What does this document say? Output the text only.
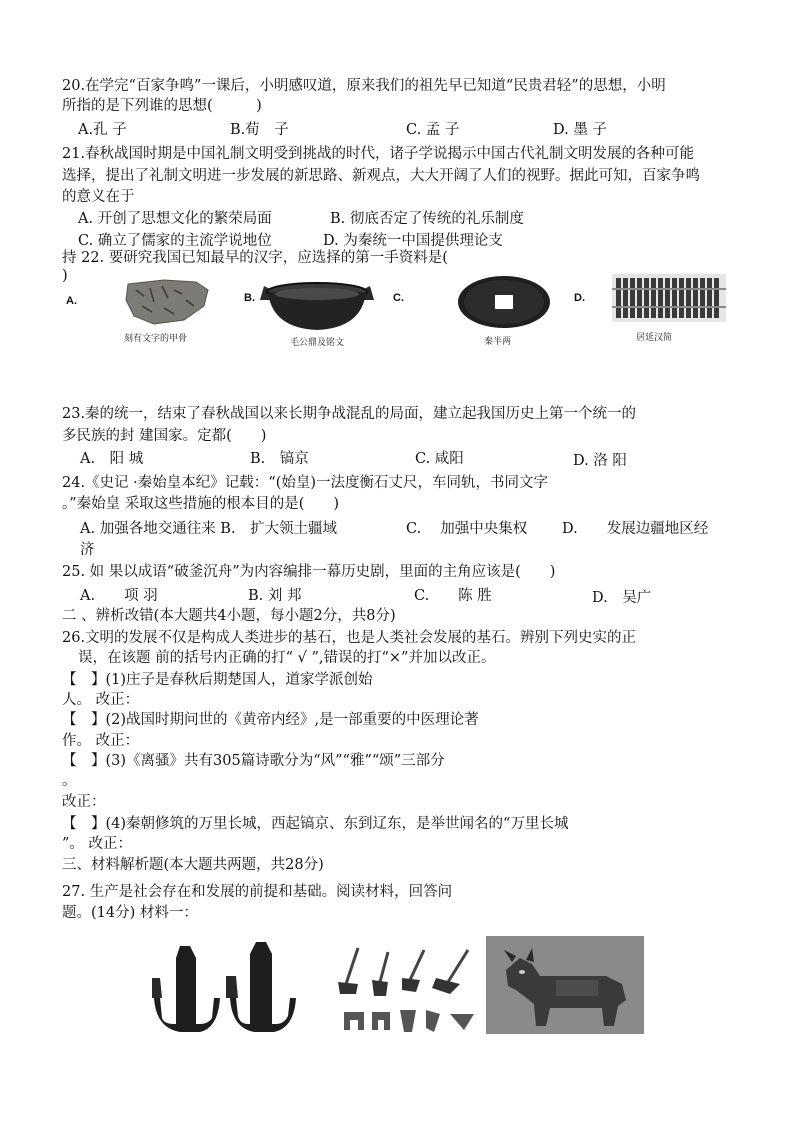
20.在学完“百家争鸣”一课后，小明感叹道，原来我们的祖先早已知道“民贵君轻”的思想，小明
所指的是下列谁的思想(　　　)
A.孔 子	B.荀　子	C. 孟 子	D. 墨 子
21.春秋战国时期是中国礼制文明受到挑战的时代，诸子学说揭示中国古代礼制文明发展的各种可能
选择，提出了礼制文明进一步发展的新思路、新观点，大大开阔了人们的视野。据此可知，百家争鸣
的意义在于
A. 开创了思想文化的繁荣局面	B. 彻底否定了传统的礼乐制度
C. 确立了儒家的主流学说地位	D. 为秦统一中国提供理论支
持 22. 要研究我国已知最早的汉字，应选择的第一手资料是(
)
A.
刻有文字的甲骨
B.
毛公鼎及铭文
C.
秦半两
D.
居延汉简
23.秦的统一，结束了春秋战国以来长期争战混乱的局面，建立起我国历史上第一个统一的
多民族的封 建国家。定都(　　)
A.　阳 城	B.　镐京	C. 咸阳	D. 洛 阳
24.《史记 ·秦始皇本纪》记载：“(始皇)一法度衡石丈尺，车同轨，书同文字
。”秦始皇 采取这些措施的根本目的是(　　)
A. 加强各地交通往来 B.　扩大领土疆域	C.　 加强中央集权 D.　　发展边疆地区经
济
25. 如 果以成语“破釜沉舟”为内容编排一幕历史剧，里面的主角应该是(　　)
A.　　项 羽	B. 刘 邦	C.　　陈 胜	D.　吴广
二 、辨析改错(本大题共4小题，每小题2分，共8分)
26.文明的发展不仅是构成人类进步的基石，也是人类社会发展的基石。辨别下列史实的正
误，在该题 前的括号内正确的打“ √ ”,错误的打“×”并加以改正。
【　】(1)庄子是春秋后期楚国人，道家学派创始
人。 改正：
【　】(2)战国时期问世的《黄帝内经》,是一部重要的中医理论著
作。 改正：
【　】(3)《离骚》共有305篇诗歌分为“风”“雅”“颂”三部分
。
改正：
【　】(4)秦朝修筑的万里长城，西起镐京、东到辽东，是举世闻名的“万里长城
”。 改正：
三、材料解析题(本大题共两题，共28分)
27. 生产是社会存在和发展的前提和基础。阅读材料，回答问
题。(14分) 材料一：
